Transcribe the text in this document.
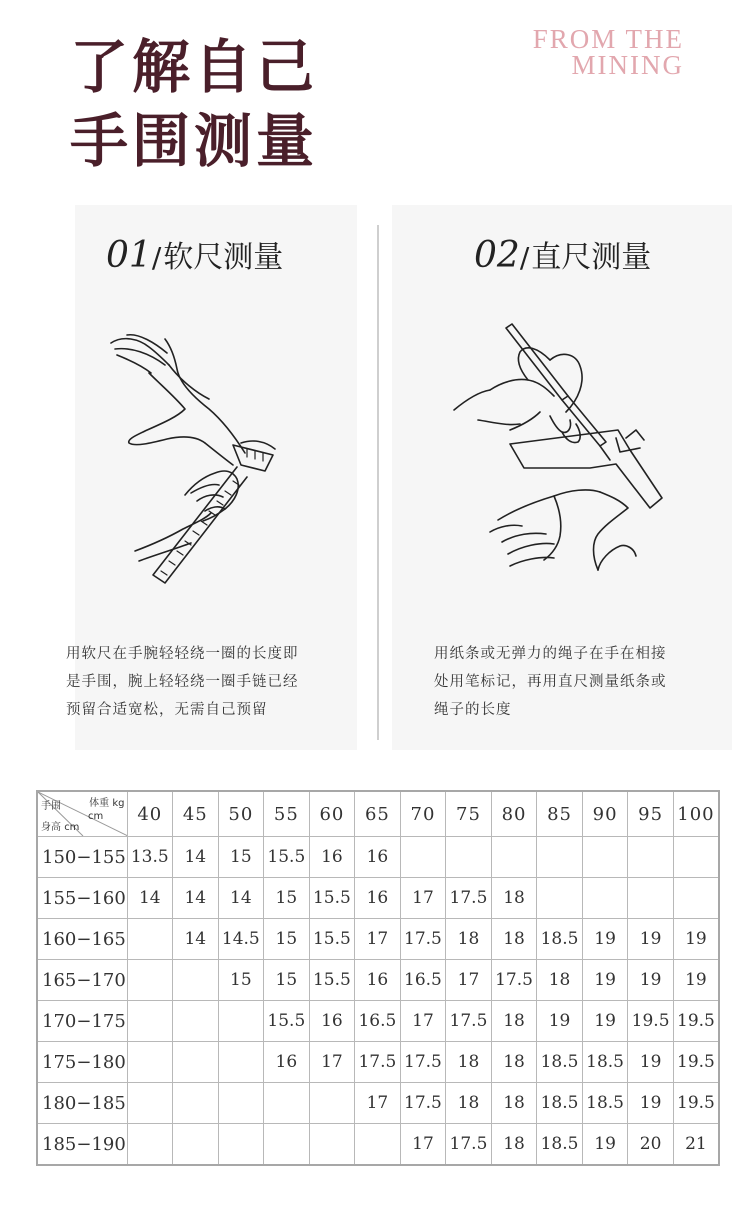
了解自己
手围测量
FROM THE
MINING
01/软尺测量	02/直尺测量
用软尺在手腕轻轻绕一圈的长度即
是手围，腕上轻轻绕一圈手链已经
预留合适宽松，无需自己预留
用纸条或无弹力的绳子在手在相接
处用笔标记，再用直尺测量纸条或
绳子的长度
手围 体重 kg
cm
身高 cm	40	45	50	55	60	65	70	75	80	85	90	95	100
150−155	13.5	14	15	15.5	16	16							
155−160	14	14	14	15	15.5	16	17	17.5	18				
160−165		14	14.5	15	15.5	17	17.5	18	18	18.5	19	19	19
165−170			15	15	15.5	16	16.5	17	17.5	18	19	19	19
170−175				15.5	16	16.5	17	17.5	18	19	19	19.5	19.5
175−180				16	17	17.5	17.5	18	18	18.5	18.5	19	19.5
180−185						17	17.5	18	18	18.5	18.5	19	19.5
185−190							17	17.5	18	18.5	19	20	21
